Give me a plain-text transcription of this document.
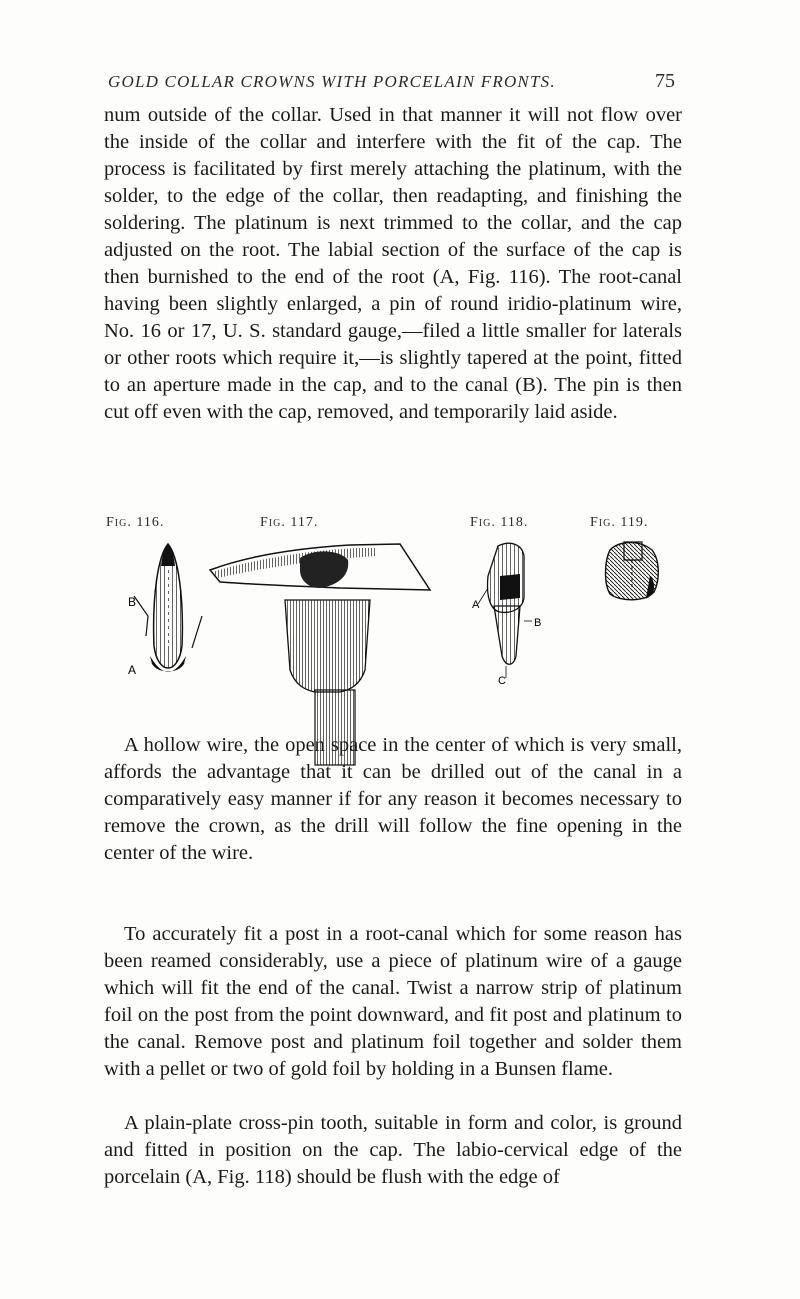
GOLD COLLAR CROWNS WITH PORCELAIN FRONTS.	75

num outside of the collar. Used in that manner it will not flow over the inside of the collar and interfere with the fit of the cap. The process is facilitated by first merely attaching the platinum, with the solder, to the edge of the collar, then readapting, and finishing the soldering. The platinum is next trimmed to the collar, and the cap adjusted on the root. The labial section of the surface of the cap is then burnished to the end of the root (A, Fig. 116). The root-canal having been slightly enlarged, a pin of round iridio-platinum wire, No. 16 or 17, U. S. standard gauge,—filed a little smaller for laterals or other roots which require it,—is slightly tapered at the point, fitted to an aperture made in the cap, and to the canal (B). The pin is then cut off even with the cap, removed, and temporarily laid aside.

Fig. 116.	Fig. 117.	Fig. 118.	Fig. 119.
B
A
A
B
C

A hollow wire, the open space in the center of which is very small, affords the advantage that it can be drilled out of the canal in a comparatively easy manner if for any reason it becomes necessary to remove the crown, as the drill will follow the fine opening in the center of the wire.

To accurately fit a post in a root-canal which for some reason has been reamed considerably, use a piece of platinum wire of a gauge which will fit the end of the canal. Twist a narrow strip of platinum foil on the post from the point downward, and fit post and platinum to the canal. Remove post and platinum foil together and solder them with a pellet or two of gold foil by holding in a Bunsen flame.

A plain-plate cross-pin tooth, suitable in form and color, is ground and fitted in position on the cap. The labio-cervical edge of the porcelain (A, Fig. 118) should be flush with the edge of
